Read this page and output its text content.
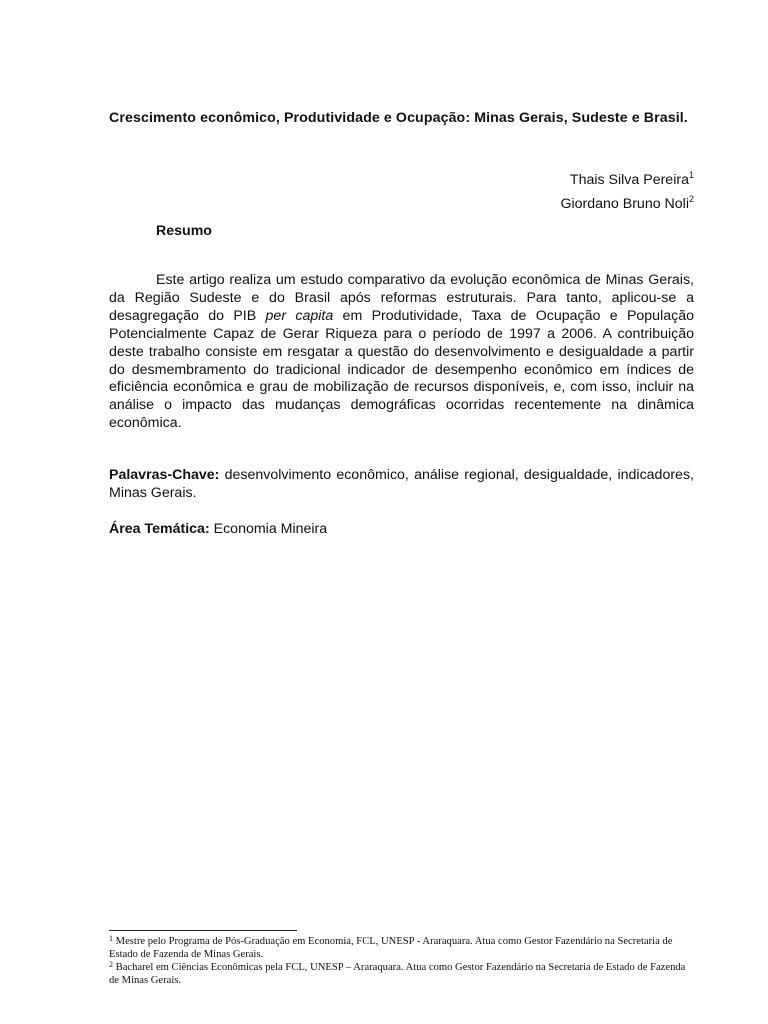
Crescimento econômico, Produtividade e Ocupação: Minas Gerais, Sudeste e Brasil.
Thais Silva Pereira$^1$
Giordano Bruno Noli$^2$
Resumo
Este artigo realiza um estudo comparativo da evolução econômica de Minas Gerais, da Região Sudeste e do Brasil após reformas estruturais. Para tanto, aplicou-se a desagregação do PIB per capita em Produtividade, Taxa de Ocupação e População Potencialmente Capaz de Gerar Riqueza para o período de 1997 a 2006. A contribuição deste trabalho consiste em resgatar a questão do desenvolvimento e desigualdade a partir do desmembramento do tradicional indicador de desempenho econômico em índices de eficiência econômica e grau de mobilização de recursos disponíveis, e, com isso, incluir na análise o impacto das mudanças demográficas ocorridas recentemente na dinâmica econômica.
Palavras-Chave: desenvolvimento econômico, análise regional, desigualdade, indicadores, Minas Gerais.
Área Temática: Economia Mineira

$^1$ Mestre pelo Programa de Pós-Graduação em Economia, FCL, UNESP - Araraquara. Atua como Gestor Fazendário na Secretaria de Estado de Fazenda de Minas Gerais.

$^2$ Bacharel em Ciências Econômicas pela FCL, UNESP – Araraquara. Atua como Gestor Fazendário na Secretaria de Estado de Fazenda de Minas Gerais.
